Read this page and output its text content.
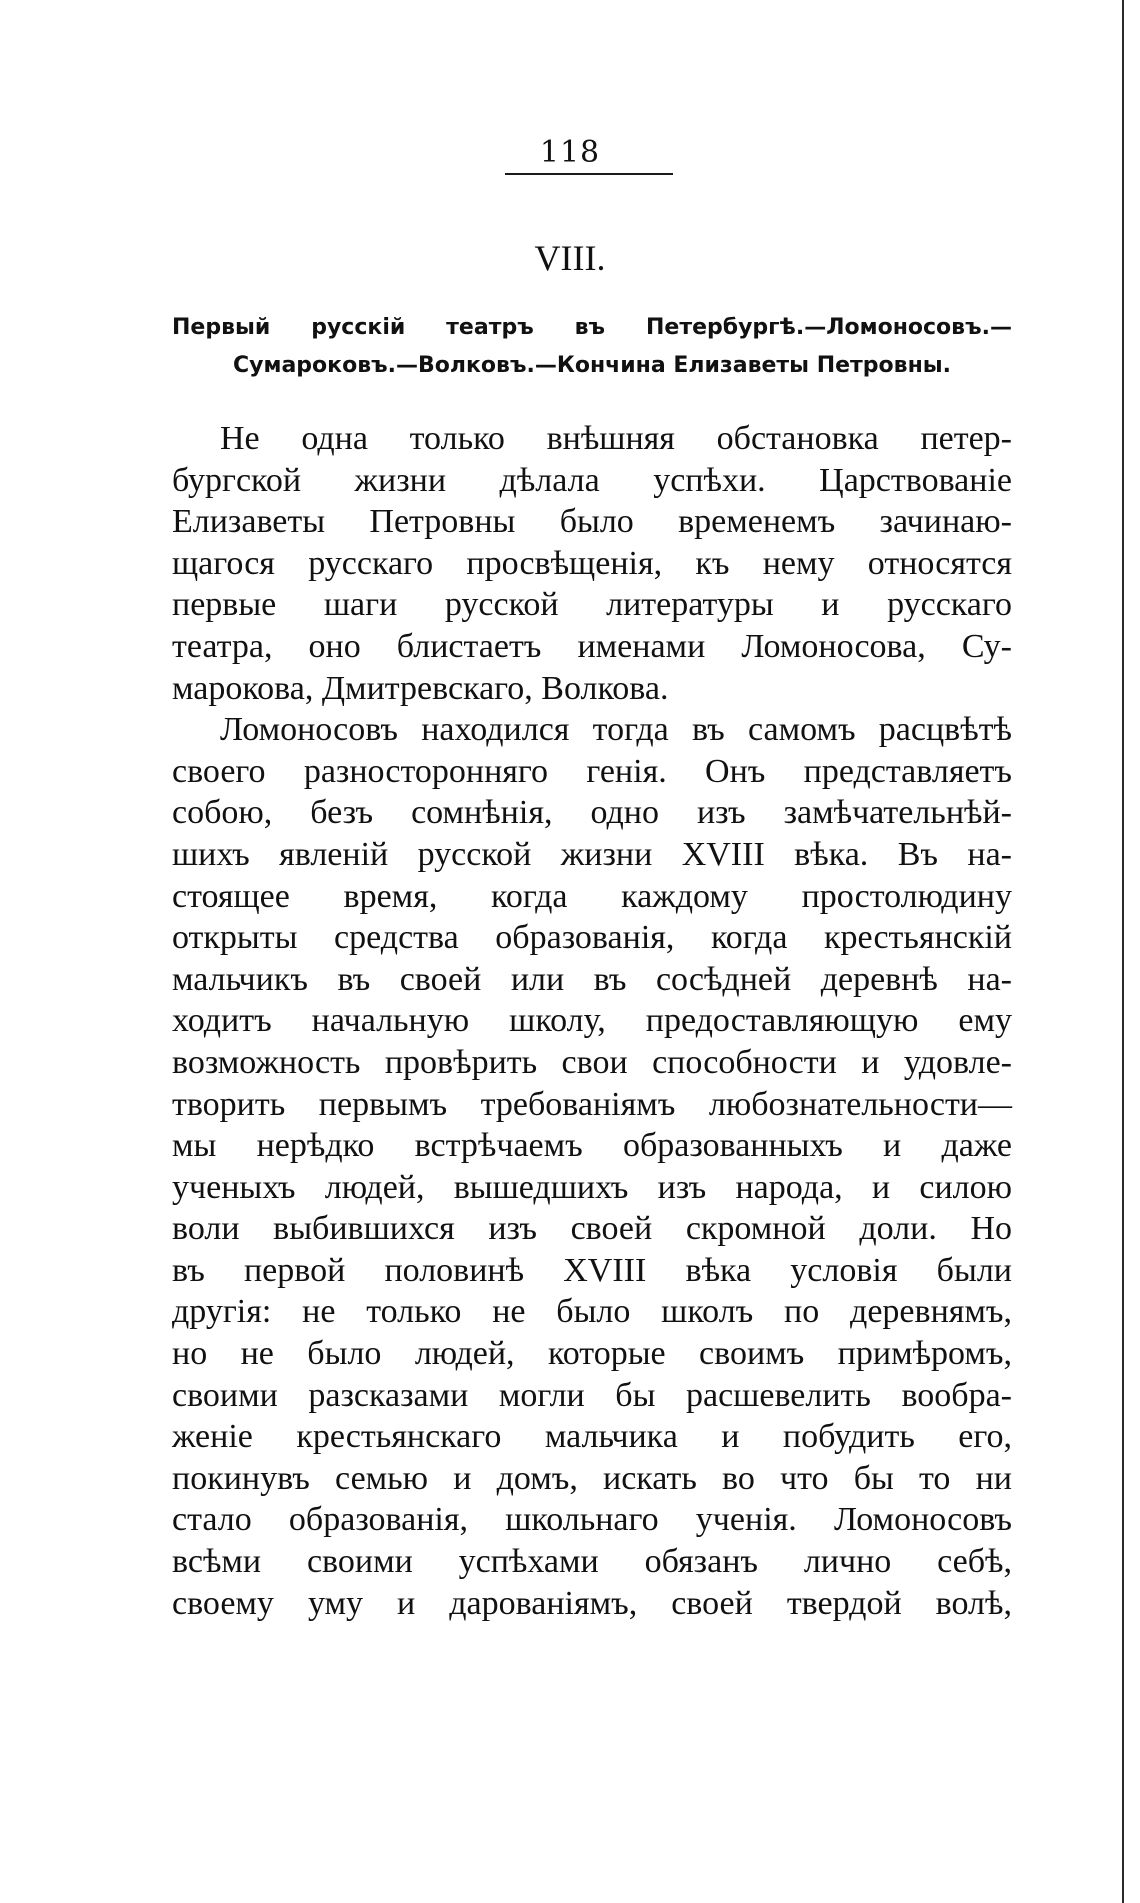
118
VIII.
Первый русскій театръ въ Петербургѣ.—Ломоносовъ.—Сумароковъ.—Волковъ.—Кончина Елизаветы Петровны.
Не одна только внѣшняя обстановка петер-
бургской жизни дѣлала успѣхи. Царствованіе
Елизаветы Петровны было временемъ зачинаю-
щагося русскаго просвѣщенія, къ нему относятся
первые шаги русской литературы и русскаго
театра, оно блистаетъ именами Ломоносова, Су-
марокова, Дмитревскаго, Волкова.
Ломоносовъ находился тогда въ самомъ расцвѣтѣ
своего разносторонняго генія. Онъ представляетъ
собою, безъ сомнѣнія, одно изъ замѣчательнѣй-
шихъ явленій русской жизни XVIII вѣка. Въ на-
стоящее время, когда каждому простолюдину
открыты средства образованія, когда крестьянскій
мальчикъ въ своей или въ сосѣдней деревнѣ на-
ходитъ начальную школу, предоставляющую ему
возможность провѣрить свои способности и удовле-
творить первымъ требованіямъ любознательности—
мы нерѣдко встрѣчаемъ образованныхъ и даже
ученыхъ людей, вышедшихъ изъ народа, и силою
воли выбившихся изъ своей скромной доли. Но
въ первой половинѣ XVIII вѣка условія были
другія: не только не было школъ по деревнямъ,
но не было людей, которые своимъ примѣромъ,
своими разсказами могли бы расшевелить вообра-
женіе крестьянскаго мальчика и побудить его,
покинувъ семью и домъ, искать во что бы то ни
стало образованія, школьнаго ученія. Ломоносовъ
всѣми своими успѣхами обязанъ лично себѣ,
своему уму и дарованіямъ, своей твердой волѣ,
